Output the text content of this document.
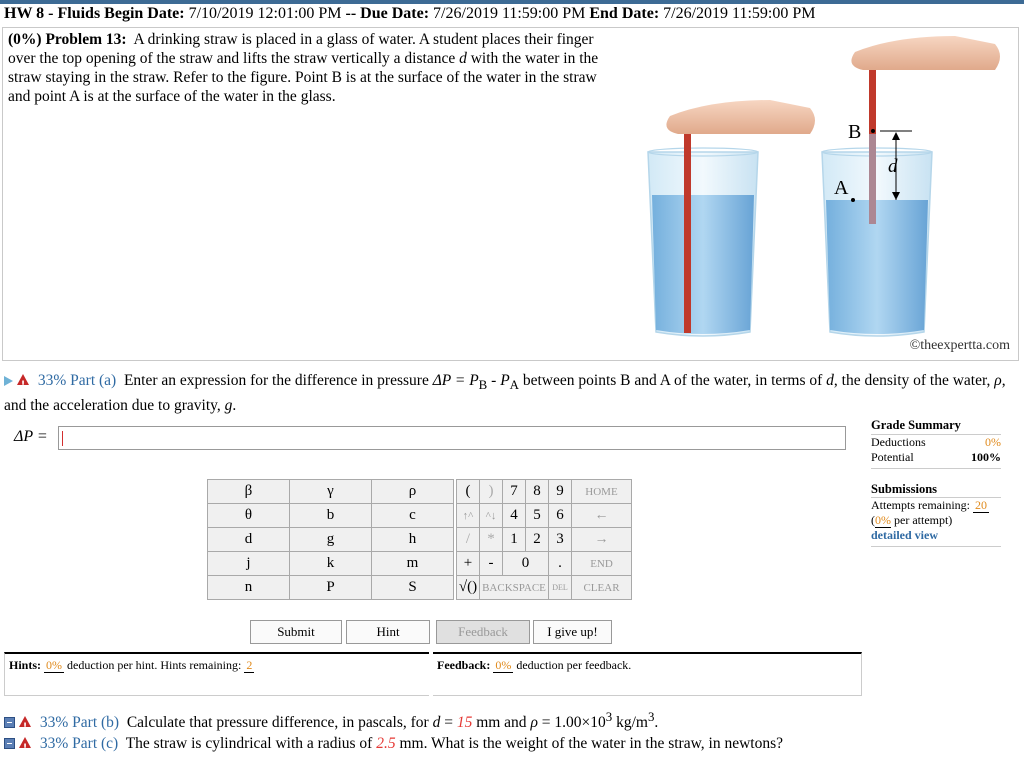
HW 8 - Fluids Begin Date: 7/10/2019 12:01:00 PM -- Due Date: 7/26/2019 11:59:00 PM End Date: 7/26/2019 11:59:00 PM
(0%) Problem 13: A drinking straw is placed in a glass of water. A student places their finger over the top opening of the straw and lifts the straw vertically a distance d with the water in the straw staying in the straw. Refer to the figure. Point B is at the surface of the water in the straw and point A is at the surface of the water in the glass.
B
d
A
©theexpertta.com
! 33% Part (a) Enter an expression for the difference in pressure $\Delta P = P_B - P_A$ between points B and A of the water, in terms of d, the density of the water, ρ, and the acceleration due to gravity, g.
ΔP =
β	γ	ρ
θ	b	c
d	g	h
j	k	m
n	P	S
(	)	7	8	9	HOME
↑^	^↓	4	5	6	←
/	*	1	2	3	→
+	-	0		.	END
√()	BACKSPACE			DEL	CLEAR
Submit	Hint	Feedback	I give up!
Hints: 0% deduction per hint. Hints remaining: 2	Feedback: 0% deduction per feedback.
Grade Summary
Deductions	0%
Potential	100%
Submissions
Attempts remaining: 20
(0% per attempt)
detailed view
! 33% Part (b) Calculate that pressure difference, in pascals, for d = 15 mm and $\rho = 1.00\times 10^3$ $kg/m^3$.
! 33% Part (c) The straw is cylindrical with a radius of 2.5 mm. What is the weight of the water in the straw, in newtons?
